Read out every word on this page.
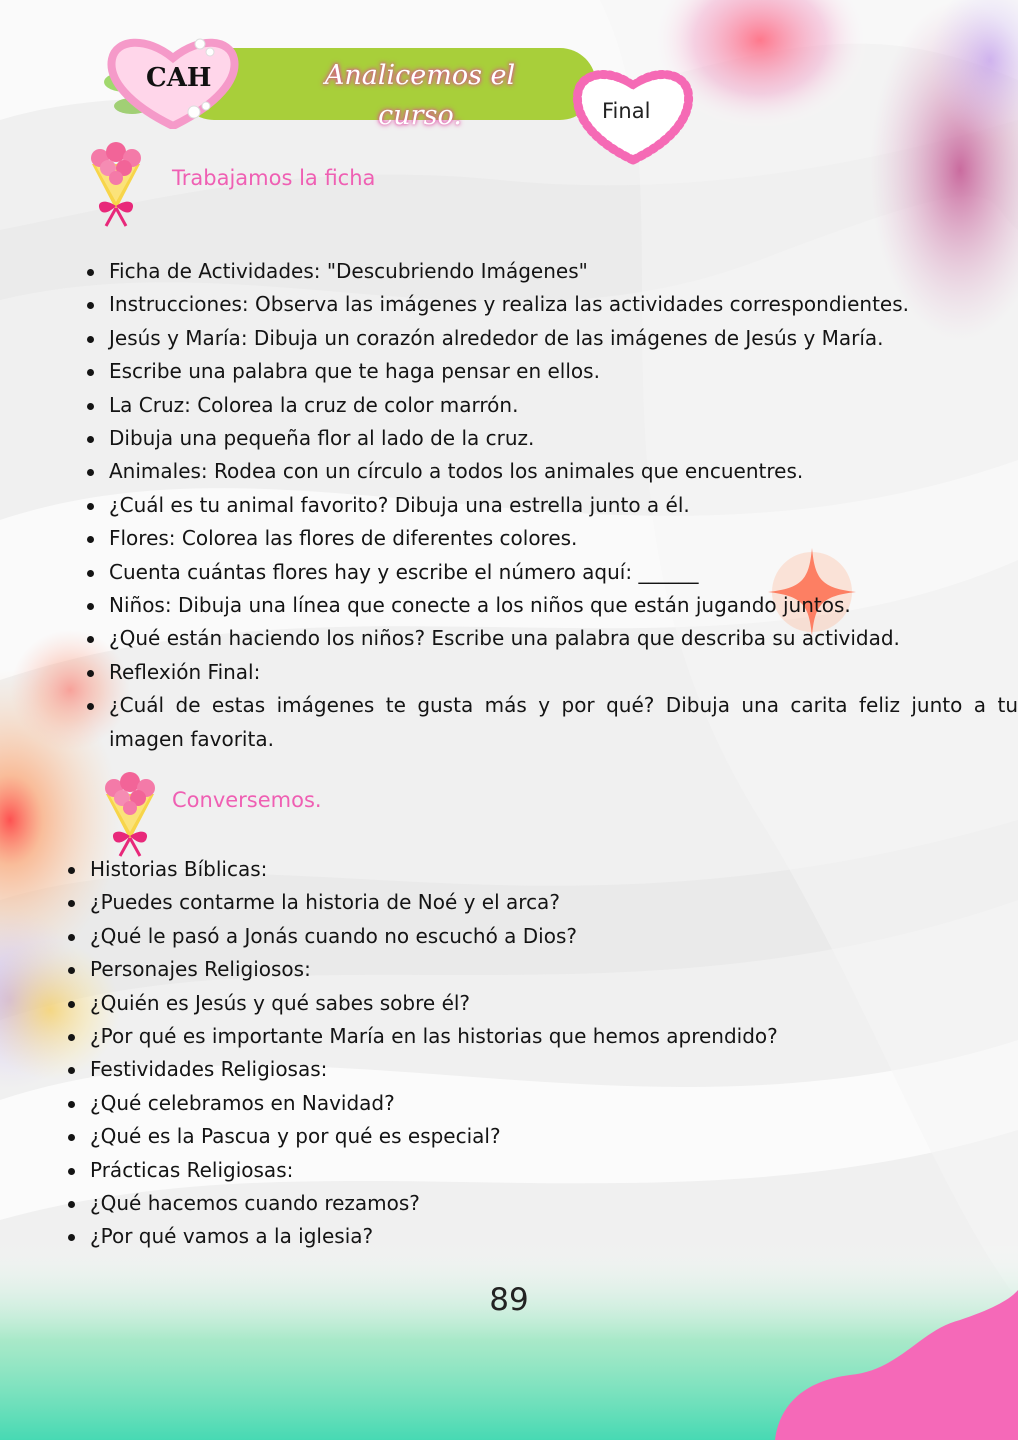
CAH	Analicemos el curso.	Final
Trabajamos la ficha
Ficha de Actividades: "Descubriendo Imágenes"
Instrucciones: Observa las imágenes y realiza las actividades correspondientes.
Jesús y María: Dibuja un corazón alrededor de las imágenes de Jesús y María.
Escribe una palabra que te haga pensar en ellos.
La Cruz: Colorea la cruz de color marrón.
Dibuja una pequeña flor al lado de la cruz.
Animales: Rodea con un círculo a todos los animales que encuentres.
¿Cuál es tu animal favorito? Dibuja una estrella junto a él.
Flores: Colorea las flores de diferentes colores.
Cuenta cuántas flores hay y escribe el número aquí: ______
Niños: Dibuja una línea que conecte a los niños que están jugando juntos.
¿Qué están haciendo los niños? Escribe una palabra que describa su actividad.
Reflexión Final:
¿Cuál de estas imágenes te gusta más y por qué? Dibuja una carita feliz junto a tu imagen favorita.
Conversemos.
Historias Bíblicas:
¿Puedes contarme la historia de Noé y el arca?
¿Qué le pasó a Jonás cuando no escuchó a Dios?
Personajes Religiosos:
¿Quién es Jesús y qué sabes sobre él?
¿Por qué es importante María en las historias que hemos aprendido?
Festividades Religiosas:
¿Qué celebramos en Navidad?
¿Qué es la Pascua y por qué es especial?
Prácticas Religiosas:
¿Qué hacemos cuando rezamos?
¿Por qué vamos a la iglesia?
89
